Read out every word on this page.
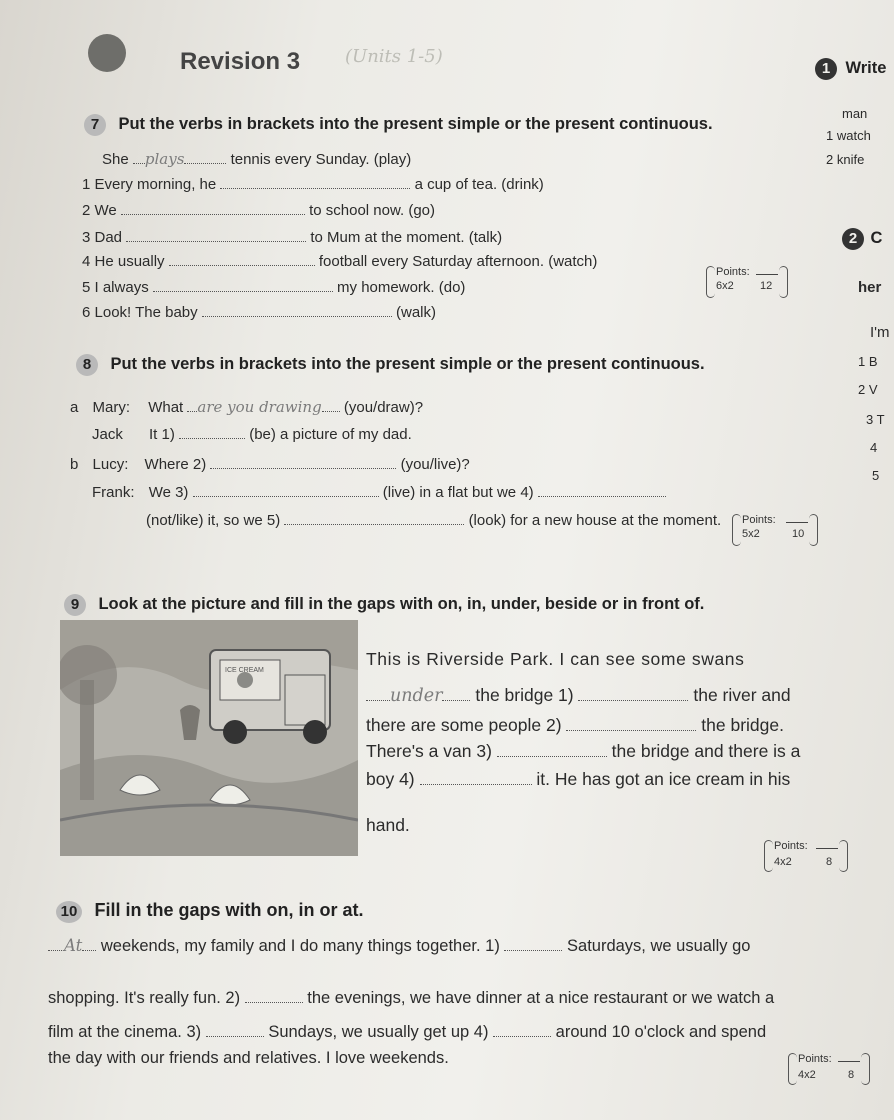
Revision 3 (Units 1-5)
7 Put the verbs in brackets into the present simple or the present continuous.
She plays	tennis every Sunday. (play)
1 Every morning, he	a cup of tea. (drink)
2 We	to school now. (go)
3 Dad	to Mum at the moment. (talk)
4 He usually	football every Saturday afternoon. (watch)
5 I always	my homework. (do)
6 Look! The baby	(walk)
Points:
6x2 12
8 Put the verbs in brackets into the present simple or the present continuous.
a Mary: What are you drawing (you/draw)?
Jack It 1)	(be) a picture of my dad.
b Lucy: Where 2)	(you/live)?
Frank: We 3)	(live) in a flat but we 4)
(not/like) it, so we 5)	(look) for a new house at the moment. Points:
5x2	10
9 Look at the picture and fill in the gaps with on, in, under, beside or in front of.
ICE CREAM
This is Riverside Park. I can see some swans
under the bridge 1)	the river and
there are some people 2)	the bridge.
There's a van 3)	the bridge and there is a
boy 4)	it. He has got an ice cream in his
hand.
Points:
4x2	8
10 Fill in the gaps with on, in or at.
At weekends, my family and I do many things together. 1)	Saturdays, we usually go
shopping. It's really fun. 2)	the evenings, we have dinner at a nice restaurant or we watch a
film at the cinema. 3)	Sundays, we usually get up 4)	around 10 o'clock and spend
the day with our friends and relatives. I love weekends.	Points:
4x2	8
1 Write
man
1 watch
2 knife
2 C
her
I'm
1 B
2 V
3 T
4
5
